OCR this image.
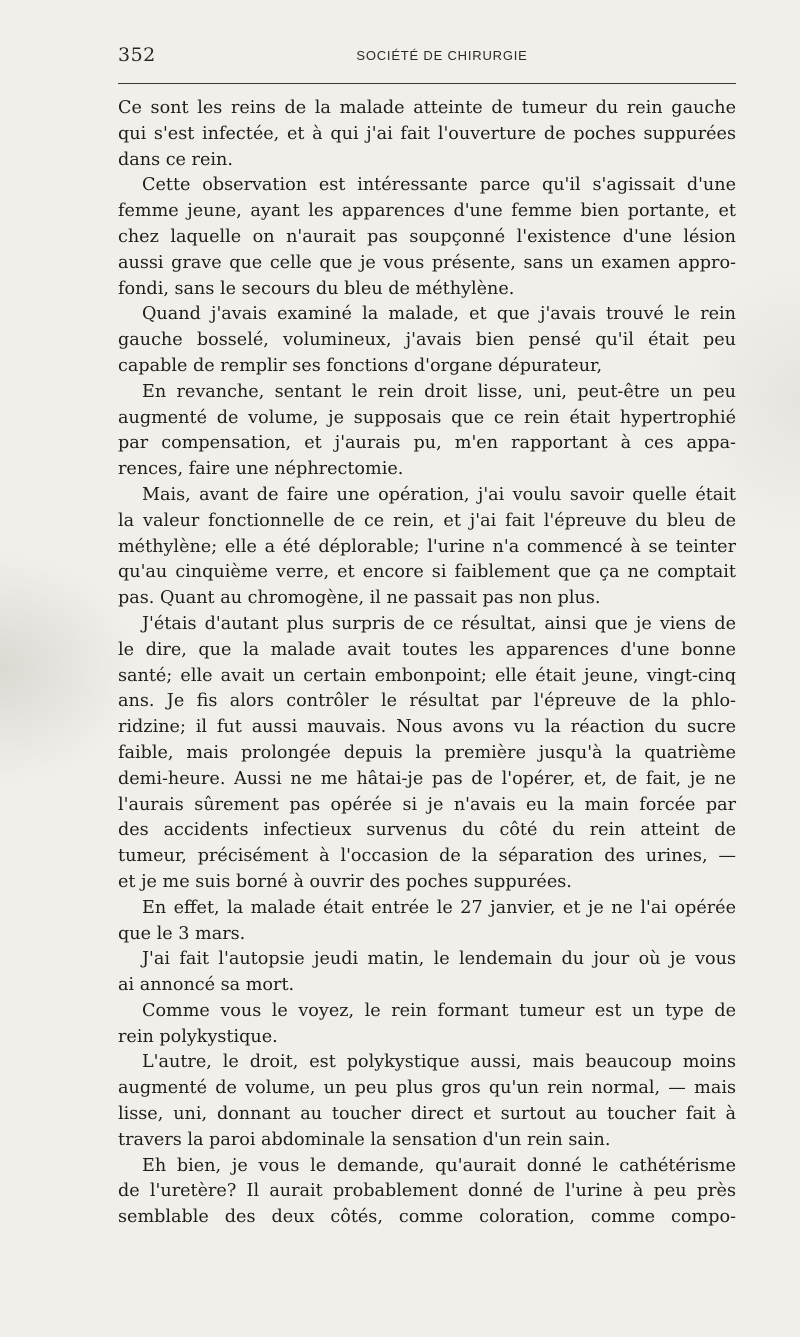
352	SOCIÉTÉ DE CHIRURGIE
Ce sont les reins de la malade atteinte de tumeur du rein gauche
qui s'est infectée, et à qui j'ai fait l'ouverture de poches suppurées
dans ce rein.
Cette observation est intéressante parce qu'il s'agissait d'une
femme jeune, ayant les apparences d'une femme bien portante, et
chez laquelle on n'aurait pas soupçonné l'existence d'une lésion
aussi grave que celle que je vous présente, sans un examen appro-
fondi, sans le secours du bleu de méthylène.
Quand j'avais examiné la malade, et que j'avais trouvé le rein
gauche bosselé, volumineux, j'avais bien pensé qu'il était peu
capable de remplir ses fonctions d'organe dépurateur,
En revanche, sentant le rein droit lisse, uni, peut-être un peu
augmenté de volume, je supposais que ce rein était hypertrophié
par compensation, et j'aurais pu, m'en rapportant à ces appa-
rences, faire une néphrectomie.
Mais, avant de faire une opération, j'ai voulu savoir quelle était
la valeur fonctionnelle de ce rein, et j'ai fait l'épreuve du bleu de
méthylène; elle a été déplorable; l'urine n'a commencé à se teinter
qu'au cinquième verre, et encore si faiblement que ça ne comptait
pas. Quant au chromogène, il ne passait pas non plus.
J'étais d'autant plus surpris de ce résultat, ainsi que je viens de
le dire, que la malade avait toutes les apparences d'une bonne
santé; elle avait un certain embonpoint; elle était jeune, vingt-cinq
ans. Je fis alors contrôler le résultat par l'épreuve de la phlo-
ridzine; il fut aussi mauvais. Nous avons vu la réaction du sucre
faible, mais prolongée depuis la première jusqu'à la quatrième
demi-heure. Aussi ne me hâtai-je pas de l'opérer, et, de fait, je ne
l'aurais sûrement pas opérée si je n'avais eu la main forcée par
des accidents infectieux survenus du côté du rein atteint de
tumeur, précisément à l'occasion de la séparation des urines, —
et je me suis borné à ouvrir des poches suppurées.
En effet, la malade était entrée le 27 janvier, et je ne l'ai opérée
que le 3 mars.
J'ai fait l'autopsie jeudi matin, le lendemain du jour où je vous
ai annoncé sa mort.
Comme vous le voyez, le rein formant tumeur est un type de
rein polykystique.
L'autre, le droit, est polykystique aussi, mais beaucoup moins
augmenté de volume, un peu plus gros qu'un rein normal, — mais
lisse, uni, donnant au toucher direct et surtout au toucher fait à
travers la paroi abdominale la sensation d'un rein sain.
Eh bien, je vous le demande, qu'aurait donné le cathétérisme
de l'uretère? Il aurait probablement donné de l'urine à peu près
semblable des deux côtés, comme coloration, comme compo-
